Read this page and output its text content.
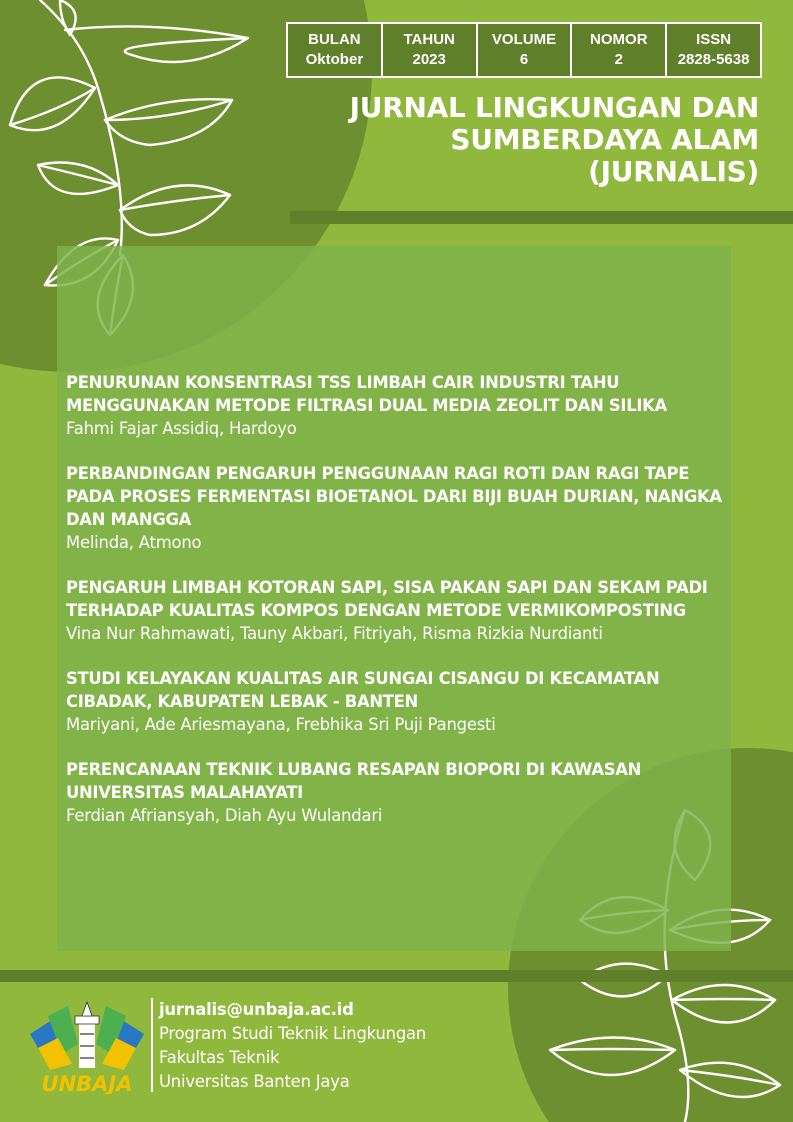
BULAN
Oktober
TAHUN
2023
VOLUME
6
NOMOR
2
ISSN
2828-5638
JURNAL LINGKUNGAN DAN
SUMBERDAYA ALAM
(JURNALIS)
PENURUNAN KONSENTRASI TSS LIMBAH CAIR INDUSTRI TAHU
MENGGUNAKAN METODE FILTRASI DUAL MEDIA ZEOLIT DAN SILIKA
Fahmi Fajar Assidiq, Hardoyo
PERBANDINGAN PENGARUH PENGGUNAAN RAGI ROTI DAN RAGI TAPE
PADA PROSES FERMENTASI BIOETANOL DARI BIJI BUAH DURIAN, NANGKA
DAN MANGGA
Melinda, Atmono
PENGARUH LIMBAH KOTORAN SAPI, SISA PAKAN SAPI DAN SEKAM PADI
TERHADAP KUALITAS KOMPOS DENGAN METODE VERMIKOMPOSTING
Vina Nur Rahmawati, Tauny Akbari, Fitriyah, Risma Rizkia Nurdianti
STUDI KELAYAKAN KUALITAS AIR SUNGAI CISANGU DI KECAMATAN
CIBADAK, KABUPATEN LEBAK - BANTEN
Mariyani, Ade Ariesmayana, Frebhika Sri Puji Pangesti
PERENCANAAN TEKNIK LUBANG RESAPAN BIOPORI DI KAWASAN
UNIVERSITAS MALAHAYATI
Ferdian Afriansyah, Diah Ayu Wulandari
UNBAJA
jurnalis@unbaja.ac.id
Program Studi Teknik Lingkungan
Fakultas Teknik
Universitas Banten Jaya
